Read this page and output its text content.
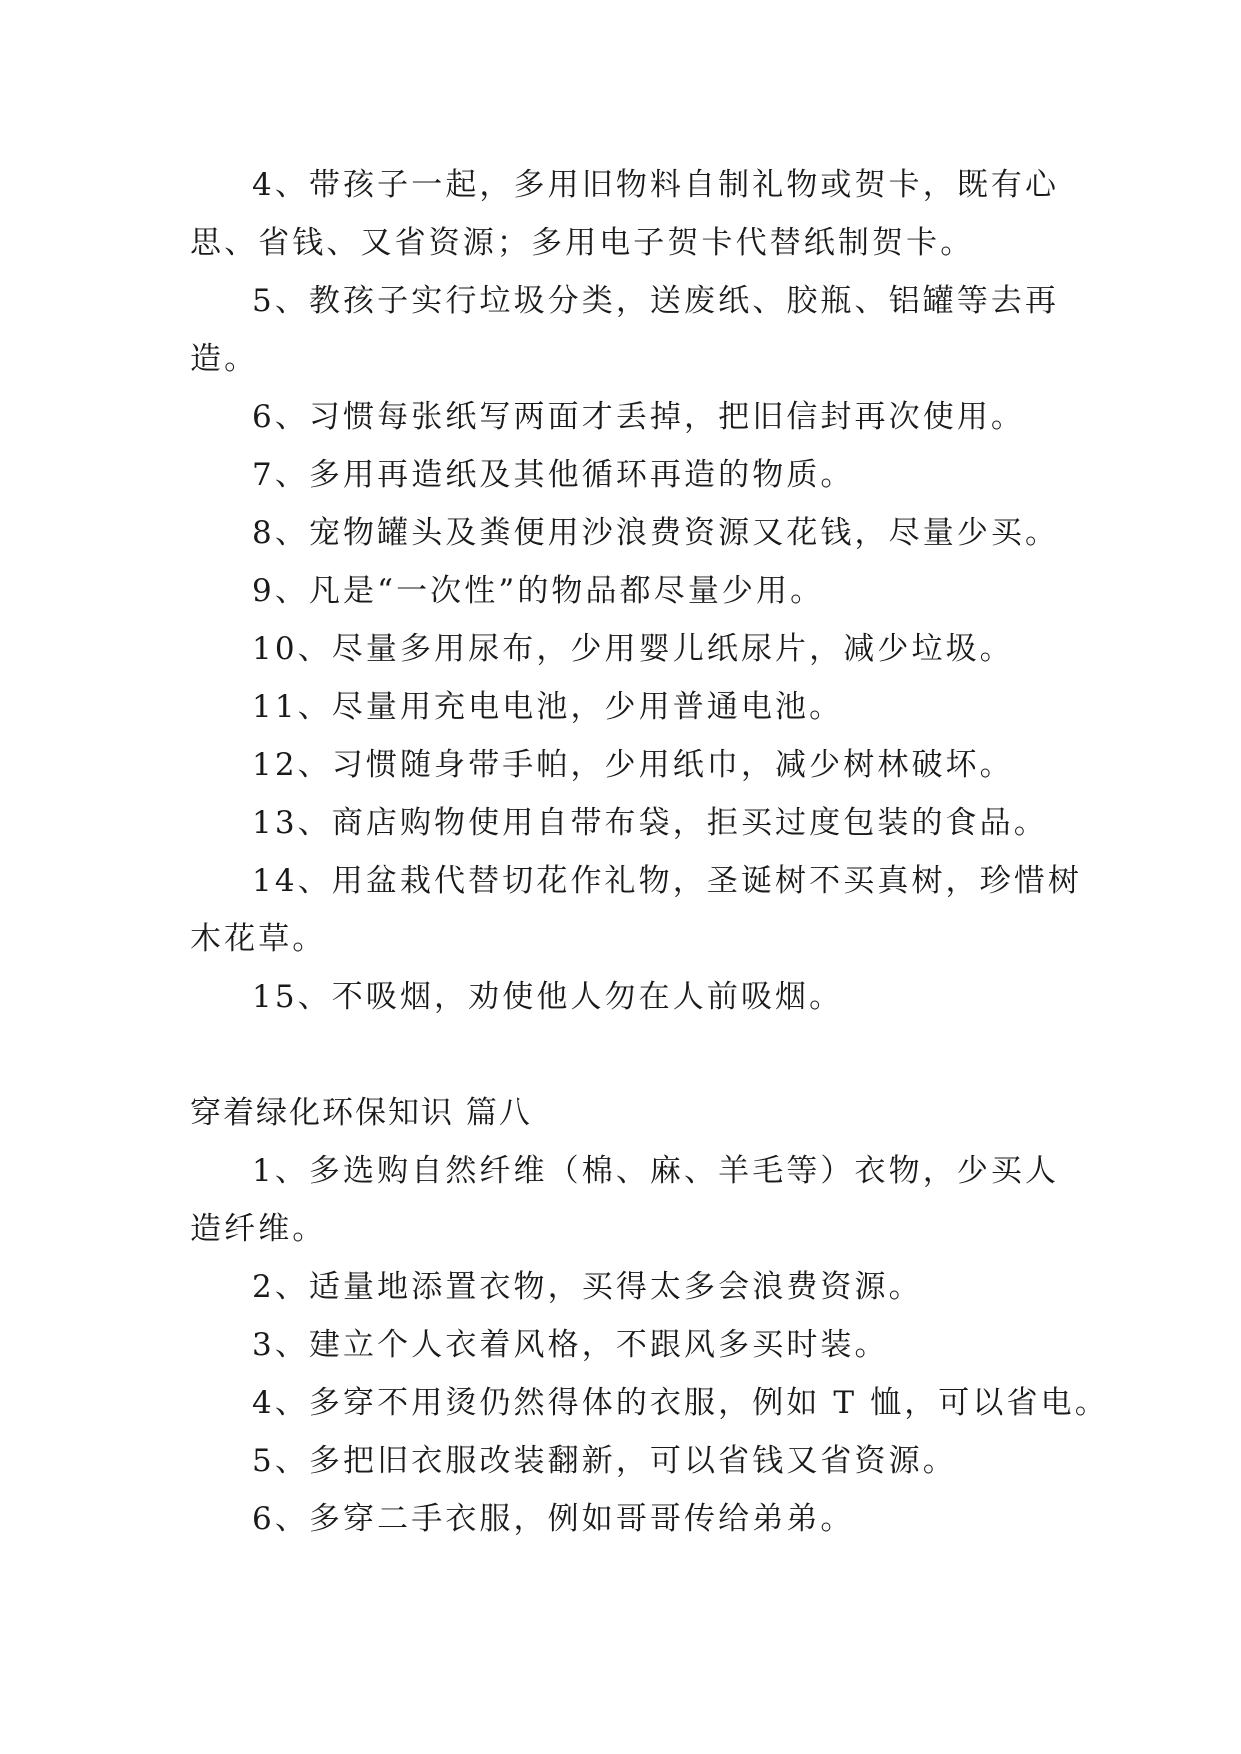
4、带孩子一起，多用旧物料自制礼物或贺卡，既有心
思、省钱、又省资源；多用电子贺卡代替纸制贺卡。
5、教孩子实行垃圾分类，送废纸、胶瓶、铝罐等去再
造。
6、习惯每张纸写两面才丢掉，把旧信封再次使用。
7、多用再造纸及其他循环再造的物质。
8、宠物罐头及粪便用沙浪费资源又花钱，尽量少买。
9、凡是“一次性”的物品都尽量少用。
10、尽量多用尿布，少用婴儿纸尿片，减少垃圾。
11、尽量用充电电池，少用普通电池。
12、习惯随身带手帕，少用纸巾，减少树林破坏。
13、商店购物使用自带布袋，拒买过度包装的食品。
14、用盆栽代替切花作礼物，圣诞树不买真树，珍惜树
木花草。
15、不吸烟，劝使他人勿在人前吸烟。
穿着绿化环保知识 篇八
1、多选购自然纤维（棉、麻、羊毛等）衣物，少买人
造纤维。
2、适量地添置衣物，买得太多会浪费资源。
3、建立个人衣着风格，不跟风多买时装。
4、多穿不用烫仍然得体的衣服，例如 T 恤，可以省电。
5、多把旧衣服改装翻新，可以省钱又省资源。
6、多穿二手衣服，例如哥哥传给弟弟。
